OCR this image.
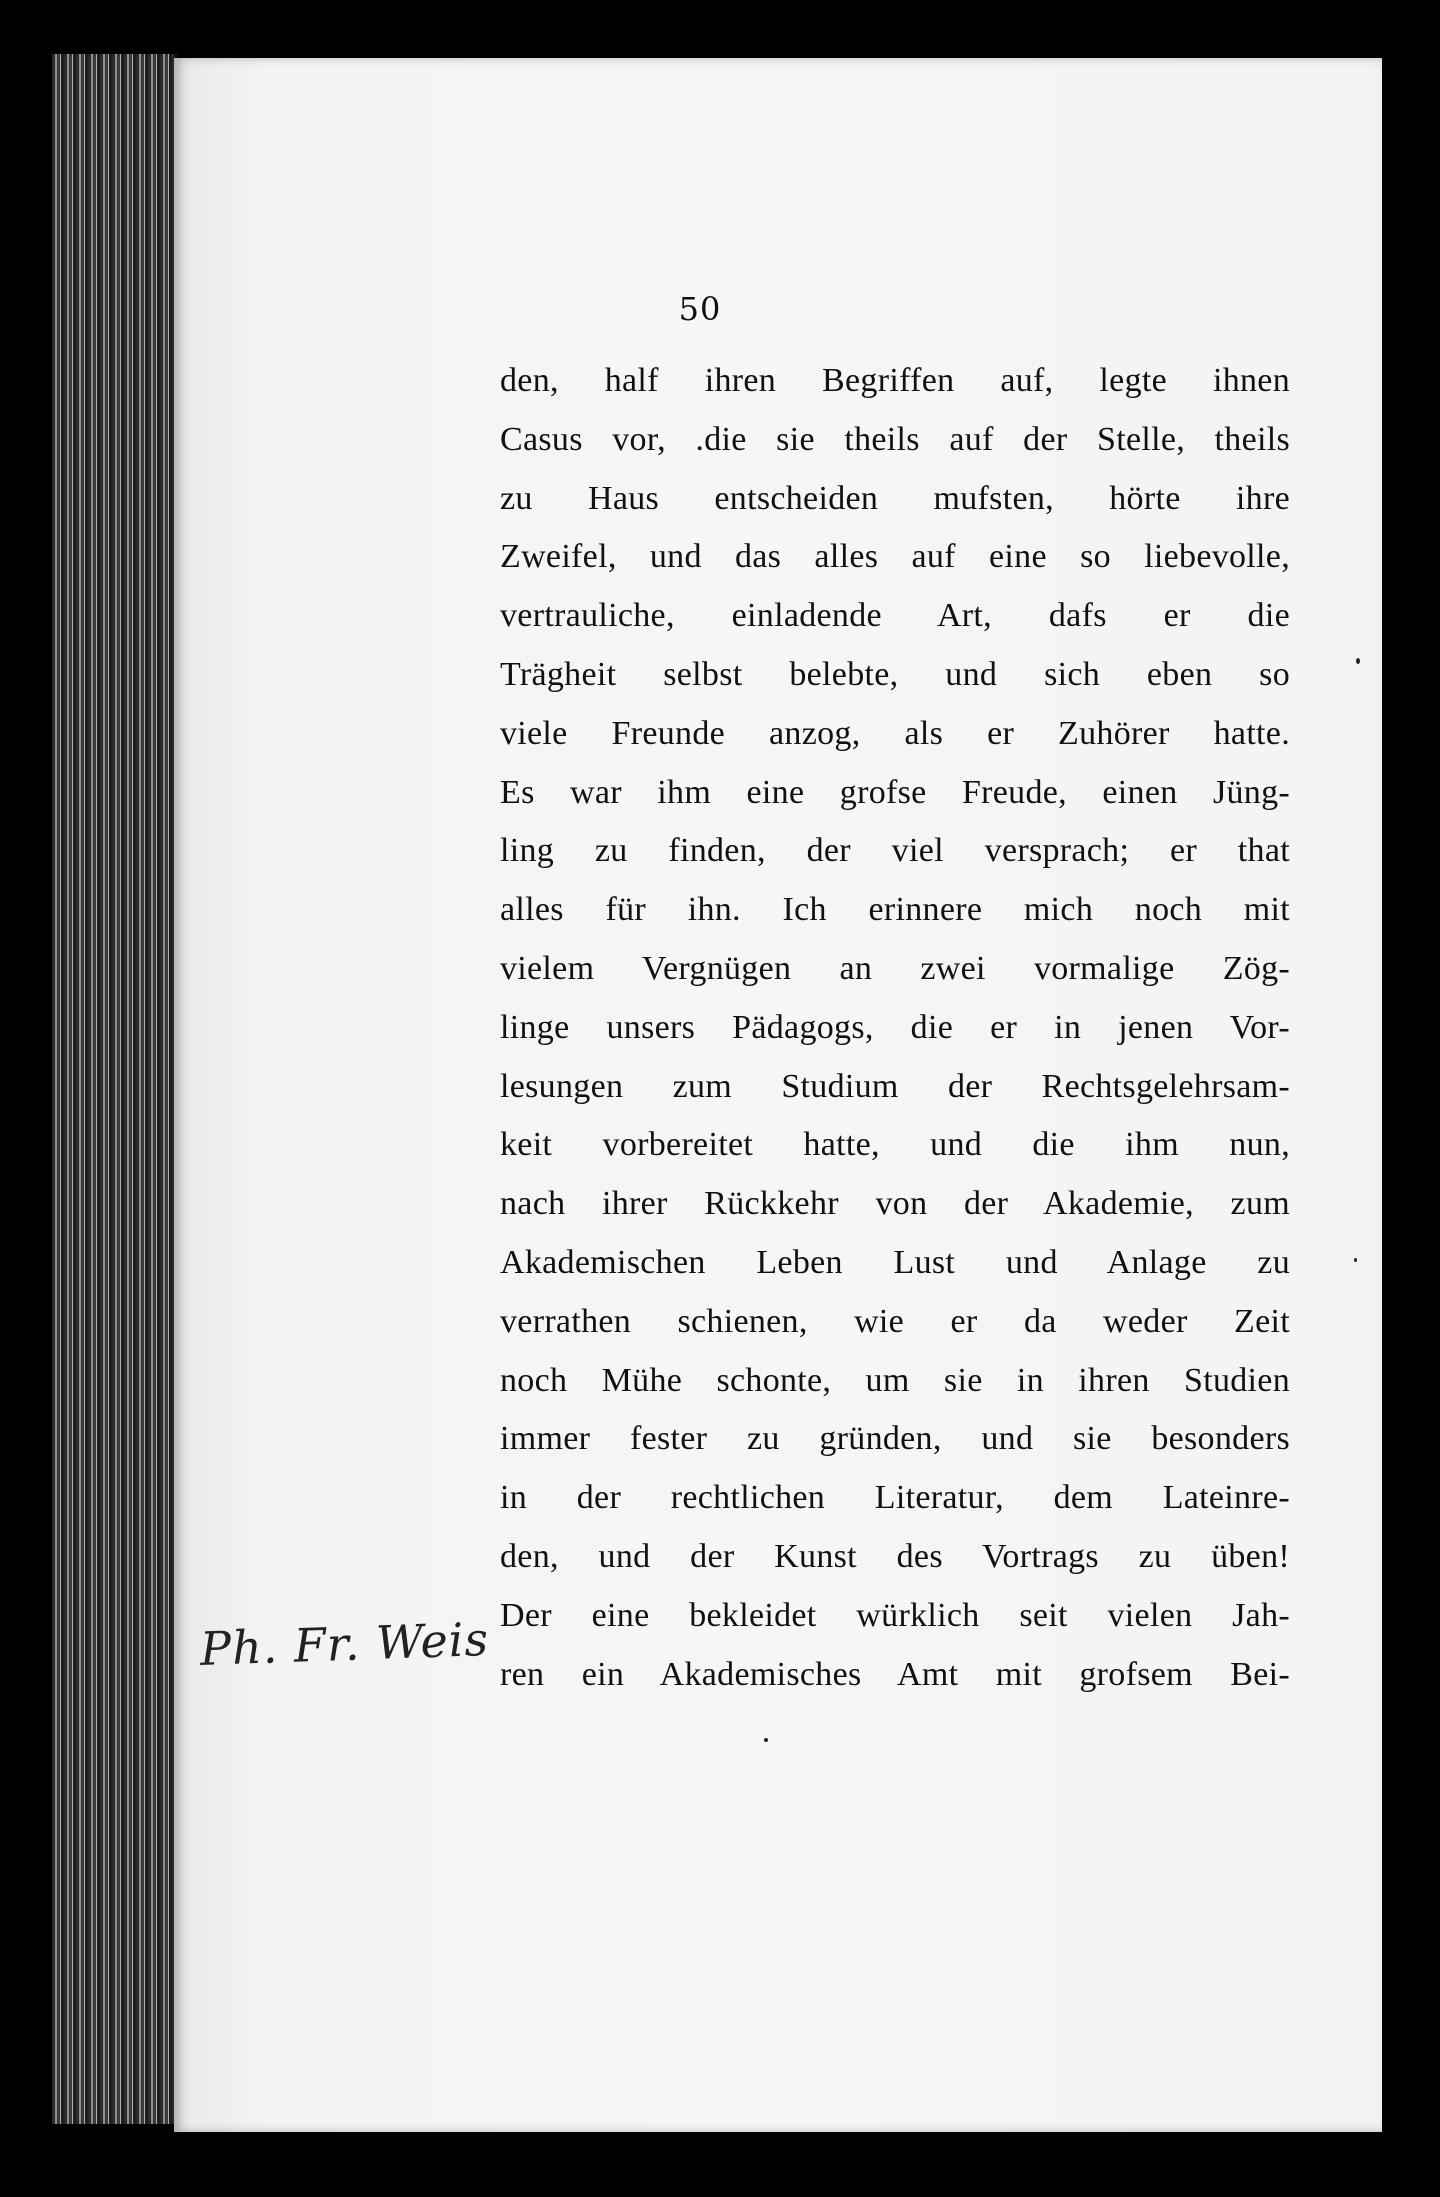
50
den, half ihren Begriffen auf, legte ihnen
Casus vor, .die sie theils auf der Stelle, theils
zu Haus entscheiden mufsten, hörte ihre
Zweifel, und das alles auf eine so liebevolle,
vertrauliche, einladende Art, dafs er die
Trägheit selbst belebte, und sich eben so
viele Freunde anzog, als er Zuhörer hatte.
Es war ihm eine grofse Freude, einen Jüng-
ling zu finden, der viel versprach; er that
alles für ihn. Ich erinnere mich noch mit
vielem Vergnügen an zwei vormalige Zög-
linge unsers Pädagogs, die er in jenen Vor-
lesungen zum Studium der Rechtsgelehrsam-
keit vorbereitet hatte, und die ihm nun,
nach ihrer Rückkehr von der Akademie, zum
Akademischen Leben Lust und Anlage zu
verrathen schienen, wie er da weder Zeit
noch Mühe schonte, um sie in ihren Studien
immer fester zu gründen, und sie besonders
in der rechtlichen Literatur, dem Lateinre-
den, und der Kunst des Vortrags zu üben!
Der eine bekleidet würklich seit vielen Jah-
ren ein Akademisches Amt mit grofsem Bei-
Ph. Fr. Weis
